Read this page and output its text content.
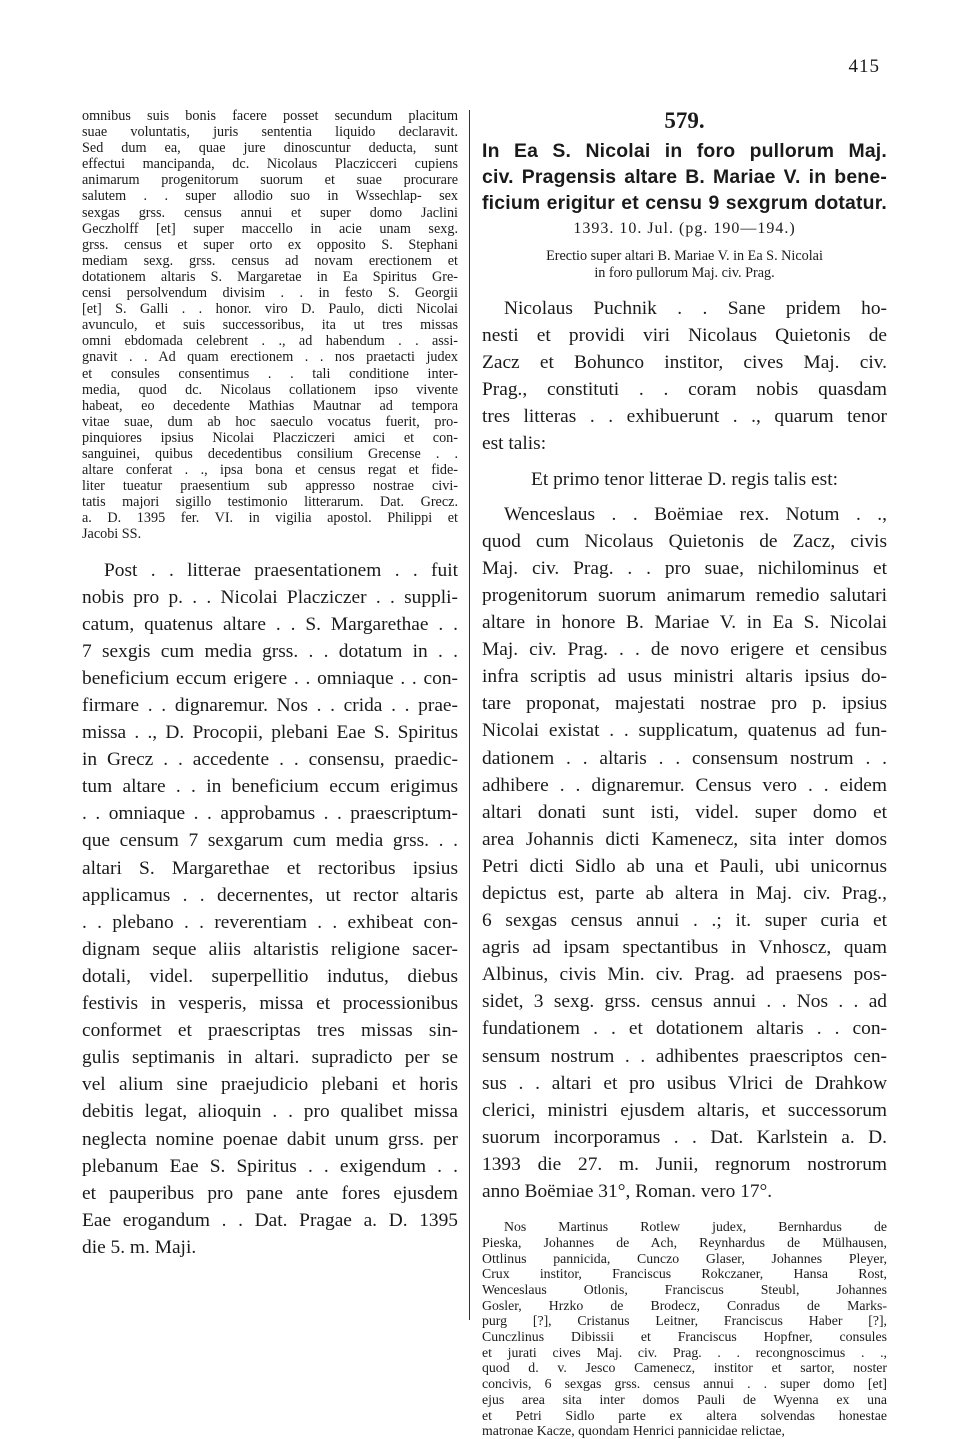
415
omnibus suis bonis facere posset secundum placitum
suae voluntatis, juris sententia liquido declaravit.
Sed dum ea, quae jure dinoscuntur deducta, sunt
effectui mancipanda, dc. Nicolaus Placzicceri cupiens
animarum progenitorum suorum et suae procurare
salutem . . super allodio suo in Wssechlap- sex
sexgas grss. census annui et super domo Jaclini
Geczholff [et] super maccello in acie unam sexg.
grss. census et super orto ex opposito S. Stephani
mediam sexg. grss. census ad novam erectionem et
dotationem altaris S. Margaretae in Ea Spiritus Gre-
censi persolvendum divisim . . in festo S. Georgii
[et] S. Galli . . honor. viro D. Paulo, dicti Nicolai
avunculo, et suis successoribus, ita ut tres missas
omni ebdomada celebrent . ., ad habendum . . assi-
gnavit . . Ad quam erectionem . . nos praetacti judex
et consules consentimus . . tali conditione inter-
media, quod dc. Nicolaus collationem ipso vivente
habeat, eo decedente Mathias Mautnar ad tempora
vitae suae, dum ab hoc saeculo vocatus fuerit, pro-
pinquiores ipsius Nicolai Placziczeri amici et con-
sanguinei, quibus decedentibus consilium Grecense . .
altare conferat . ., ipsa bona et census regat et fide-
liter tueatur praesentium sub appresso nostrae civi-
tatis majori sigillo testimonio litterarum. Dat. Grecz.
a. D. 1395 fer. VI. in vigilia apostol. Philippi et
Jacobi SS.
Post . . litterae praesentationem . . fuit
nobis pro p. . . Nicolai Placziczer . . suppli-
catum, quatenus altare . . S. Margarethae . .
7 sexgis cum media grss. . . dotatum in . .
beneficium eccum erigere . . omniaque . . con-
firmare . . dignaremur. Nos . . crida . . prae-
missa . ., D. Procopii, plebani Eae S. Spiritus
in Grecz . . accedente . . consensu, praedic-
tum altare . . in beneficium eccum erigimus
. . omniaque . . approbamus . . praescriptum-
que censum 7 sexgarum cum media grss. . .
altari S. Margarethae et rectoribus ipsius
applicamus . . decernentes, ut rector altaris
. . plebano . . reverentiam . . exhibeat con-
dignam seque aliis altaristis religione sacer-
dotali, videl. superpellitio indutus, diebus
festivis in vesperis, missa et processionibus
conformet et praescriptas tres missas sin-
gulis septimanis in altari. supradicto per se
vel alium sine praejudicio plebani et horis
debitis legat, alioquin . . pro qualibet missa
neglecta nomine poenae dabit unum grss. per
plebanum Eae S. Spiritus . . exigendum . .
et pauperibus pro pane ante fores ejusdem
Eae erogandum . . Dat. Pragae a. D. 1395
die 5. m. Maji.
579.
In Ea S. Nicolai in foro pullorum Maj.
civ. Pragensis altare B. Mariae V. in bene-
ficium erigitur et censu 9 sexgrum dotatur.
1393. 10. Jul. (pg. 190—194.)
Erectio super altari B. Mariae V. in Ea S. Nicolai
in foro pullorum Maj. civ. Prag.
Nicolaus Puchnik . . Sane pridem ho-
nesti et providi viri Nicolaus Quietonis de
Zacz et Bohunco institor, cives Maj. civ.
Prag., constituti . . coram nobis quasdam
tres litteras . . exhibuerunt . ., quarum tenor
est talis:
Et primo tenor litterae D. regis talis est:
Wenceslaus . . Boëmiae rex. Notum . .,
quod cum Nicolaus Quietonis de Zacz, civis
Maj. civ. Prag. . . pro suae, nichilominus et
progenitorum suorum animarum remedio salutari
altare in honore B. Mariae V. in Ea S. Nicolai
Maj. civ. Prag. . . de novo erigere et censibus
infra scriptis ad usus ministri altaris ipsius do-
tare proponat, majestati nostrae pro p. ipsius
Nicolai existat . . supplicatum, quatenus ad fun-
dationem . . altaris . . consensum nostrum . .
adhibere . . dignaremur. Census vero . . eidem
altari donati sunt isti, videl. super domo et
area Johannis dicti Kamenecz, sita inter domos
Petri dicti Sidlo ab una et Pauli, ubi unicornus
depictus est, parte ab altera in Maj. civ. Prag.,
6 sexgas census annui . .; it. super curia et
agris ad ipsam spectantibus in Vnhoscz, quam
Albinus, civis Min. civ. Prag. ad praesens pos-
sidet, 3 sexg. grss. census annui . . Nos . . ad
fundationem . . et dotationem altaris . . con-
sensum nostrum . . adhibentes praescriptos cen-
sus . . altari et pro usibus Vlrici de Drahkow
clerici, ministri ejusdem altaris, et successorum
suorum incorporamus . . Dat. Karlstein a. D.
1393 die 27. m. Junii, regnorum nostrorum
anno Boëmiae 31°, Roman. vero 17°.
Nos Martinus Rotlew judex, Bernhardus de
Pieska, Johannes de Ach, Reynhardus de Mülhausen,
Ottlinus pannicida, Cunczo Glaser, Johannes Pleyer,
Crux institor, Franciscus Rokczaner, Hansa Rost,
Wenceslaus Otlonis, Franciscus Steubl, Johannes
Gosler, Hrzko de Brodecz, Conradus de Marks-
purg [?], Cristanus Leitner, Franciscus Haber [?],
Cunczlinus Dibissii et Franciscus Hopfner, consules
et jurati cives Maj. civ. Prag. . . recongnoscimus . .,
quod d. v. Jesco Camenecz, institor et sartor, noster
concivis, 6 sexgas grss. census annui . . super domo [et]
ejus area sita inter domos Pauli de Wyenna ex una
et Petri Sidlo parte ex altera solvendas honestae
matronae Kacze, quondam Henrici pannicidae relictae,
